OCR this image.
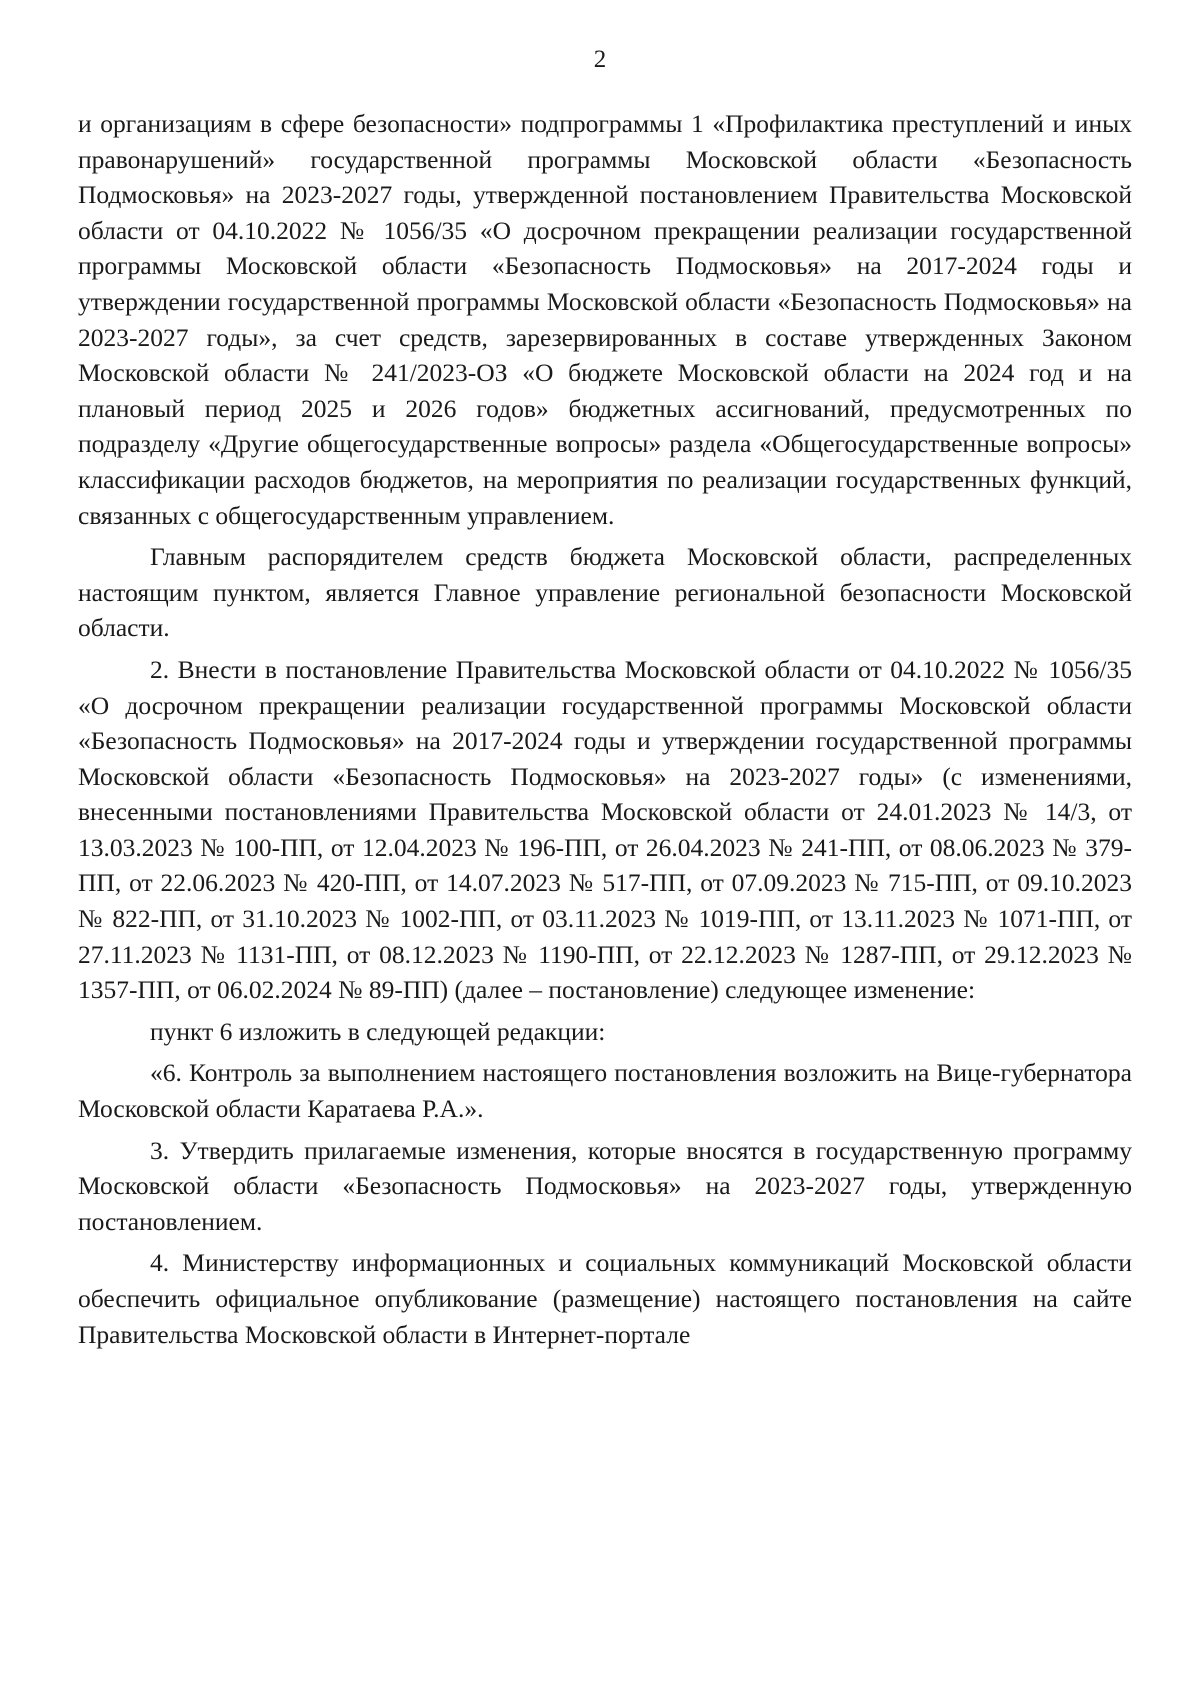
2

и организациям в сфере безопасности» подпрограммы 1 «Профилактика преступлений и иных правонарушений» государственной программы Московской области «Безопасность Подмосковья» на 2023-2027 годы, утвержденной постановлением Правительства Московской области от 04.10.2022 № 1056/35 «О досрочном прекращении реализации государственной программы Московской области «Безопасность Подмосковья» на 2017-2024 годы и утверждении государственной программы Московской области «Безопасность Подмосковья» на 2023-2027 годы», за счет средств, зарезервированных в составе утвержденных Законом Московской области № 241/2023-ОЗ «О бюджете Московской области на 2024 год и на плановый период 2025 и 2026 годов» бюджетных ассигнований, предусмотренных по подразделу «Другие общегосударственные вопросы» раздела «Общегосударственные вопросы» классификации расходов бюджетов, на мероприятия по реализации государственных функций, связанных с общегосударственным управлением.

Главным распорядителем средств бюджета Московской области, распределенных настоящим пунктом, является Главное управление региональной безопасности Московской области.

2. Внести в постановление Правительства Московской области от 04.10.2022 № 1056/35 «О досрочном прекращении реализации государственной программы Московской области «Безопасность Подмосковья» на 2017-2024 годы и утверждении государственной программы Московской области «Безопасность Подмосковья» на 2023-2027 годы» (с изменениями, внесенными постановлениями Правительства Московской области от 24.01.2023 № 14/3, от 13.03.2023 № 100-ПП, от 12.04.2023 № 196-ПП, от 26.04.2023 № 241-ПП, от 08.06.2023 № 379-ПП, от 22.06.2023 № 420-ПП, от 14.07.2023 № 517-ПП, от 07.09.2023 № 715-ПП, от 09.10.2023 № 822-ПП, от 31.10.2023 № 1002-ПП, от 03.11.2023 № 1019-ПП, от 13.11.2023 № 1071-ПП, от 27.11.2023 № 1131-ПП, от 08.12.2023 № 1190-ПП, от 22.12.2023 № 1287-ПП, от 29.12.2023 № 1357-ПП, от 06.02.2024 № 89-ПП) (далее – постановление) следующее изменение:

пункт 6 изложить в следующей редакции:

«6. Контроль за выполнением настоящего постановления возложить на Вице-губернатора Московской области Каратаева Р.А.».

3. Утвердить прилагаемые изменения, которые вносятся в государственную программу Московской области «Безопасность Подмосковья» на 2023-2027 годы, утвержденную постановлением.

4. Министерству информационных и социальных коммуникаций Московской области обеспечить официальное опубликование (размещение) настоящего постановления на сайте Правительства Московской области в Интернет-портале
